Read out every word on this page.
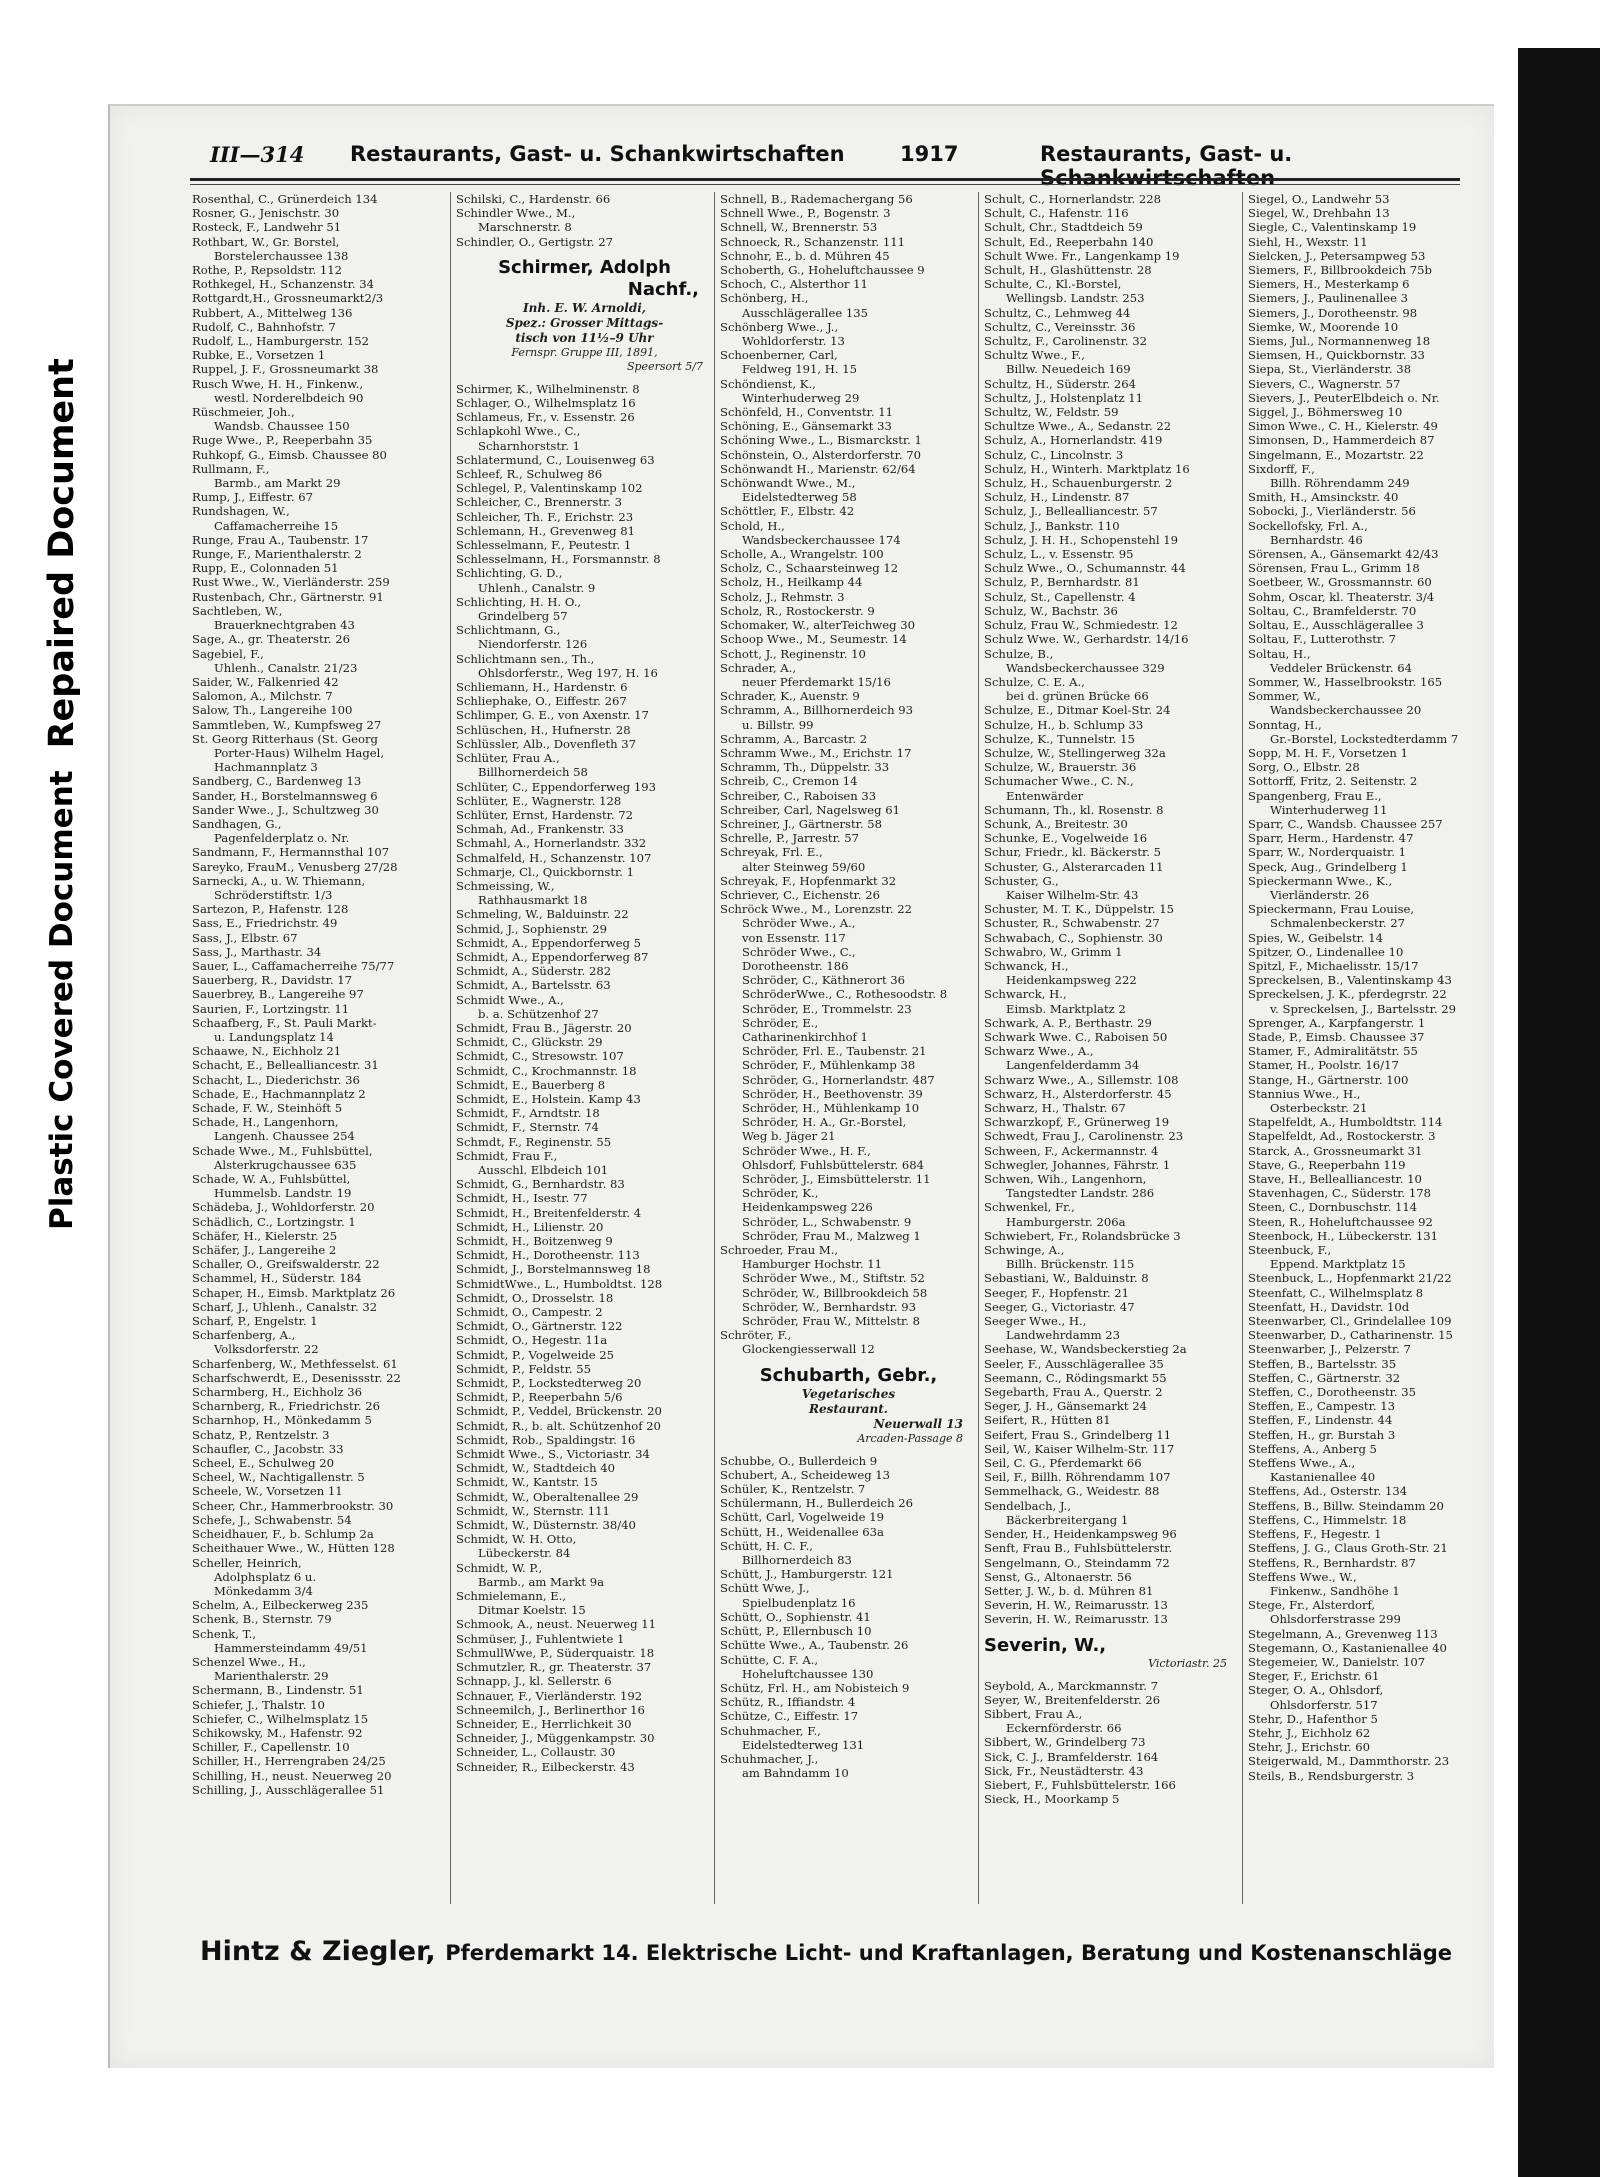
Plastic Covered Document
Repaired Document
III—314 Restaurants, Gast- u. Schankwirtschaften	1917	Restaurants, Gast- u. Schankwirtschaften
Rosenthal, C., Grünerdeich 134
Rosner, G., Jenischstr. 30
Rosteck, F., Landwehr 51
Rothbart, W., Gr. Borstel,
Borstelerchaussee 138
Rothe, P., Repsoldstr. 112
Rothkegel, H., Schanzenstr. 34
Rottgardt,H., Grossneumarkt2/3
Rubbert, A., Mittelweg 136
Rudolf, C., Bahnhofstr. 7
Rudolf, L., Hamburgerstr. 152
Rubke, E., Vorsetzen 1
Ruppel, J. F., Grossneumarkt 38
Rusch Wwe, H. H., Finkenw.,
westl. Norderelbdeich 90
Rüschmeier, Joh.,
Wandsb. Chaussee 150
Ruge Wwe., P., Reeperbahn 35
Ruhkopf, G., Eimsb. Chaussee 80
Rullmann, F.,
Barmb., am Markt 29
Rump, J., Eiffestr. 67
Rundshagen, W.,
Caffamacherreihe 15
Runge, Frau A., Taubenstr. 17
Runge, F., Marienthalerstr. 2
Rupp, E., Colonnaden 51
Rust Wwe., W., Vierländerstr. 259
Rustenbach, Chr., Gärtnerstr. 91
Sachtleben, W.,
Brauerknechtgraben 43
Sage, A., gr. Theaterstr. 26
Sagebiel, F.,
Uhlenh., Canalstr. 21/23
Saider, W., Falkenried 42
Salomon, A., Milchstr. 7
Salow, Th., Langereihe 100
Sammtleben, W., Kumpfsweg 27
St. Georg Ritterhaus (St. Georg
Porter-Haus) Wilhelm Hagel,
Hachmannplatz 3
Sandberg, C., Bardenweg 13
Sander, H., Borstelmannsweg 6
Sander Wwe., J., Schultzweg 30
Sandhagen, G.,
Pagenfelderplatz o. Nr.
Sandmann, F., Hermannsthal 107
Sareyko, FrauM., Venusberg 27/28
Sarnecki, A., u. W. Thiemann,
Schröderstiftstr. 1/3
Sartezon, P., Hafenstr. 128
Sass, E., Friedrichstr. 49
Sass, J., Elbstr. 67
Sass, J., Marthastr. 34
Sauer, L., Caffamacherreihe 75/77
Sauerberg, R., Davidstr. 17
Sauerbrey, B., Langereihe 97
Saurien, F., Lortzingstr. 11
Schaafberg, F., St. Pauli Markt-
u. Landungsplatz 14
Schaawe, N., Eichholz 21
Schacht, E., Bellealliancestr. 31
Schacht, L., Diederichstr. 36
Schade, E., Hachmannplatz 2
Schade, F. W., Steinhöft 5
Schade, H., Langenhorn,
Langenh. Chaussee 254
Schade Wwe., M., Fuhlsbüttel,
Alsterkrugchaussee 635
Schade, W. A., Fuhlsbüttel,
Hummelsb. Landstr. 19
Schädeba, J., Wohldorferstr. 20
Schädlich, C., Lortzingstr. 1
Schäfer, H., Kielerstr. 25
Schäfer, J., Langereihe 2
Schaller, O., Greifswalderstr. 22
Schammel, H., Süderstr. 184
Schaper, H., Eimsb. Marktplatz 26
Scharf, J., Uhlenh., Canalstr. 32
Scharf, P., Engelstr. 1
Scharfenberg, A.,
Volksdorferstr. 22
Scharfenberg, W., Methfesselst. 61
Scharfschwerdt, E., Desenissstr. 22
Scharmberg, H., Eichholz 36
Scharnberg, R., Friedrichstr. 26
Scharnhop, H., Mönkedamm 5
Schatz, P., Rentzelstr. 3
Schaufler, C., Jacobstr. 33
Scheel, E., Schulweg 20
Scheel, W., Nachtigallenstr. 5
Scheele, W., Vorsetzen 11
Scheer, Chr., Hammerbrookstr. 30
Schefe, J., Schwabenstr. 54
Scheidhauer, F., b. Schlump 2a
Scheithauer Wwe., W., Hütten 128
Scheller, Heinrich,
Adolphsplatz 6 u.
Mönkedamm 3/4
Schelm, A., Eilbeckerweg 235
Schenk, B., Sternstr. 79
Schenk, T.,
Hammersteindamm 49/51
Schenzel Wwe., H.,
Marienthalerstr. 29
Schermann, B., Lindenstr. 51
Schiefer, J., Thalstr. 10
Schiefer, C., Wilhelmsplatz 15
Schikowsky, M., Hafenstr. 92
Schiller, F., Capellenstr. 10
Schiller, H., Herrengraben 24/25
Schilling, H., neust. Neuerweg 20
Schilling, J., Ausschlägerallee 51
Schilski, C., Hardenstr. 66
Schindler Wwe., M.,
Marschnerstr. 8
Schindler, O., Gertigstr. 27
Schirmer, Adolph
Nachf.,
Inh. E. W. Arnoldi,
Spez.: Grosser Mittags-
tisch von 11½–9 Uhr
Fernspr. Gruppe III, 1891,
Speersort 5/7
Schirmer, K., Wilhelminenstr. 8
Schlager, O., Wilhelmsplatz 16
Schlameus, Fr., v. Essenstr. 26
Schlapkohl Wwe., C.,
Scharnhorststr. 1
Schlatermund, C., Louisenweg 63
Schleef, R., Schulweg 86
Schlegel, P., Valentinskamp 102
Schleicher, C., Brennerstr. 3
Schleicher, Th. F., Erichstr. 23
Schlemann, H., Grevenweg 81
Schlesselmann, F., Peutestr. 1
Schlesselmann, H., Forsmannstr. 8
Schlichting, G. D.,
Uhlenh., Canalstr. 9
Schlichting, H. H. O.,
Grindelberg 57
Schlichtmann, G.,
Niendorferstr. 126
Schlichtmann sen., Th.,
Ohlsdorferstr., Weg 197, H. 16
Schliemann, H., Hardenstr. 6
Schliephake, O., Eiffestr. 267
Schlimper, G. E., von Axenstr. 17
Schlüschen, H., Hufnerstr. 28
Schlüssler, Alb., Dovenfleth 37
Schlüter, Frau A.,
Billhornerdeich 58
Schlüter, C., Eppendorferweg 193
Schlüter, E., Wagnerstr. 128
Schlüter, Ernst, Hardenstr. 72
Schmah, Ad., Frankenstr. 33
Schmahl, A., Hornerlandstr. 332
Schmalfeld, H., Schanzenstr. 107
Schmarje, Cl., Quickbornstr. 1
Schmeissing, W.,
Rathhausmarkt 18
Schmeling, W., Balduinstr. 22
Schmid, J., Sophienstr. 29
Schmidt, A., Eppendorferweg 5
Schmidt, A., Eppendorferweg 87
Schmidt, A., Süderstr. 282
Schmidt, A., Bartelsstr. 63
Schmidt Wwe., A.,
b. a. Schützenhof 27
Schmidt, Frau B., Jägerstr. 20
Schmidt, C., Glückstr. 29
Schmidt, C., Stresowstr. 107
Schmidt, C., Krochmannstr. 18
Schmidt, E., Bauerberg 8
Schmidt, E., Holstein. Kamp 43
Schmidt, F., Arndtstr. 18
Schmidt, F., Sternstr. 74
Schmdt, F., Reginenstr. 55
Schmidt, Frau F.,
Ausschl. Elbdeich 101
Schmidt, G., Bernhardstr. 83
Schmidt, H., Isestr. 77
Schmidt, H., Breitenfelderstr. 4
Schmidt, H., Lilienstr. 20
Schmidt, H., Boitzenweg 9
Schmidt, H., Dorotheenstr. 113
Schmidt, J., Borstelmannsweg 18
SchmidtWwe., L., Humboldtst. 128
Schmidt, O., Drosselstr. 18
Schmidt, O., Campestr. 2
Schmidt, O., Gärtnerstr. 122
Schmidt, O., Hegestr. 11a
Schmidt, P., Vogelweide 25
Schmidt, P., Feldstr. 55
Schmidt, P., Lockstedterweg 20
Schmidt, P., Reeperbahn 5/6
Schmidt, P., Veddel, Brückenstr. 20
Schmidt, R., b. alt. Schützenhof 20
Schmidt, Rob., Spaldingstr. 16
Schmidt Wwe., S., Victoriastr. 34
Schmidt, W., Stadtdeich 40
Schmidt, W., Kantstr. 15
Schmidt, W., Oberaltenallee 29
Schmidt, W., Sternstr. 111
Schmidt, W., Düsternstr. 38/40
Schmidt, W. H. Otto,
Lübeckerstr. 84
Schmidt, W. P.,
Barmb., am Markt 9a
Schmielemann, E.,
Ditmar Koelstr. 15
Schmook, A., neust. Neuerweg 11
Schmüser, J., Fuhlentwiete 1
SchmullWwe, P., Süderquaistr. 18
Schmutzler, R., gr. Theaterstr. 37
Schnapp, J., kl. Sellerstr. 6
Schnauer, F., Vierländerstr. 192
Schneemilch, J., Berlinerthor 16
Schneider, E., Herrlichkeit 30
Schneider, J., Müggenkampstr. 30
Schneider, L., Collaustr. 30
Schneider, R., Eilbeckerstr. 43
Schnell, B., Rademachergang 56
Schnell Wwe., P., Bogenstr. 3
Schnell, W., Brennerstr. 53
Schnoeck, R., Schanzenstr. 111
Schnohr, E., b. d. Mühren 45
Schoberth, G., Hoheluftchaussee 9
Schoch, C., Alsterthor 11
Schönberg, H.,
Ausschlägerallee 135
Schönberg Wwe., J.,
Wohldorferstr. 13
Schoenberner, Carl,
Feldweg 191, H. 15
Schöndienst, K.,
Winterhuderweg 29
Schönfeld, H., Conventstr. 11
Schöning, E., Gänsemarkt 33
Schöning Wwe., L., Bismarckstr. 1
Schönstein, O., Alsterdorferstr. 70
Schönwandt H., Marienstr. 62/64
Schönwandt Wwe., M.,
Eidelstedterweg 58
Schöttler, F., Elbstr. 42
Schold, H.,
Wandsbeckerchaussee 174
Scholle, A., Wrangelstr. 100
Scholz, C., Schaarsteinweg 12
Scholz, H., Heilkamp 44
Scholz, J., Rehmstr. 3
Scholz, R., Rostockerstr. 9
Schomaker, W., alterTeichweg 30
Schoop Wwe., M., Seumestr. 14
Schott, J., Reginenstr. 10
Schrader, A.,
neuer Pferdemarkt 15/16
Schrader, K., Auenstr. 9
Schramm, A., Billhornerdeich 93
u. Billstr. 99
Schramm, A., Barcastr. 2
Schramm Wwe., M., Erichstr. 17
Schramm, Th., Düppelstr. 33
Schreib, C., Cremon 14
Schreiber, C., Raboisen 33
Schreiber, Carl, Nagelsweg 61
Schreiner, J., Gärtnerstr. 58
Schrelle, P., Jarrestr. 57
Schreyak, Frl. E.,
alter Steinweg 59/60
Schreyak, F., Hopfenmarkt 32
Schriever, C., Eichenstr. 26
Schröck Wwe., M., Lorenzstr. 22
Schröder Wwe., A.,
von Essenstr. 117
Schröder Wwe., C.,
Dorotheenstr. 186
Schröder, C., Käthnerort 36
SchröderWwe., C., Rothesoodstr. 8
Schröder, E., Trommelstr. 23
Schröder, E.,
Catharinenkirchhof 1
Schröder, Frl. E., Taubenstr. 21
Schröder, F., Mühlenkamp 38
Schröder, G., Hornerlandstr. 487
Schröder, H., Beethovenstr. 39
Schröder, H., Mühlenkamp 10
Schröder, H. A., Gr.-Borstel,
Weg b. Jäger 21
Schröder Wwe., H. F.,
Ohlsdorf, Fuhlsbüttelerstr. 684
Schröder, J., Eimsbüttelerstr. 11
Schröder, K.,
Heidenkampsweg 226
Schröder, L., Schwabenstr. 9
Schröder, Frau M., Malzweg 1
Schroeder, Frau M.,
Hamburger Hochstr. 11
Schröder Wwe., M., Stiftstr. 52
Schröder, W., Billbrookdeich 58
Schröder, W., Bernhardstr. 93
Schröder, Frau W., Mittelstr. 8
Schröter, F.,
Glockengiesserwall 12
Schubarth, Gebr.,
Vegetarisches
Restaurant.
Neuerwall 13
Arcaden-Passage 8
Schubbe, O., Bullerdeich 9
Schubert, A., Scheideweg 13
Schüler, K., Rentzelstr. 7
Schülermann, H., Bullerdeich 26
Schütt, Carl, Vogelweide 19
Schütt, H., Weidenallee 63a
Schütt, H. C. F.,
Billhornerdeich 83
Schütt, J., Hamburgerstr. 121
Schütt Wwe, J.,
Spielbudenplatz 16
Schütt, O., Sophienstr. 41
Schütt, P., Ellernbusch 10
Schütte Wwe., A., Taubenstr. 26
Schütte, C. F. A.,
Hoheluftchaussee 130
Schütz, Frl. H., am Nobisteich 9
Schütz, R., Iffiandstr. 4
Schütze, C., Eiffestr. 17
Schuhmacher, F.,
Eidelstedterweg 131
Schuhmacher, J.,
am Bahndamm 10
Schult, C., Hornerlandstr. 228
Schult, C., Hafenstr. 116
Schult, Chr., Stadtdeich 59
Schult, Ed., Reeperbahn 140
Schult Wwe. Fr., Langenkamp 19
Schult, H., Glashüttenstr. 28
Schulte, C., Kl.-Borstel,
Wellingsb. Landstr. 253
Schultz, C., Lehmweg 44
Schultz, C., Vereinsstr. 36
Schultz, F., Carolinenstr. 32
Schultz Wwe., F.,
Billw. Neuedeich 169
Schultz, H., Süderstr. 264
Schultz, J., Holstenplatz 11
Schultz, W., Feldstr. 59
Schultze Wwe., A., Sedanstr. 22
Schulz, A., Hornerlandstr. 419
Schulz, C., Lincolnstr. 3
Schulz, H., Winterh. Marktplatz 16
Schulz, H., Schauenburgerstr. 2
Schulz, H., Lindenstr. 87
Schulz, J., Bellealliancestr. 57
Schulz, J., Bankstr. 110
Schulz, J. H. H., Schopenstehl 19
Schulz, L., v. Essenstr. 95
Schulz Wwe., O., Schumannstr. 44
Schulz, P., Bernhardstr. 81
Schulz, St., Capellenstr. 4
Schulz, W., Bachstr. 36
Schulz, Frau W., Schmiedestr. 12
Schulz Wwe. W., Gerhardstr. 14/16
Schulze, B.,
Wandsbeckerchaussee 329
Schulze, C. E. A.,
bei d. grünen Brücke 66
Schulze, E., Ditmar Koel-Str. 24
Schulze, H., b. Schlump 33
Schulze, K., Tunnelstr. 15
Schulze, W., Stellingerweg 32a
Schulze, W., Brauerstr. 36
Schumacher Wwe., C. N.,
Entenwärder
Schumann, Th., kl. Rosenstr. 8
Schunk, A., Breitestr. 30
Schunke, E., Vogelweide 16
Schur, Friedr., kl. Bäckerstr. 5
Schuster, G., Alsterarcaden 11
Schuster, G.,
Kaiser Wilhelm-Str. 43
Schuster, M. T. K., Düppelstr. 15
Schuster, R., Schwabenstr. 27
Schwabach, C., Sophienstr. 30
Schwabro, W., Grimm 1
Schwanck, H.,
Heidenkampsweg 222
Schwarck, H.,
Eimsb. Marktplatz 2
Schwark, A. P., Berthastr. 29
Schwark Wwe. C., Raboisen 50
Schwarz Wwe., A.,
Langenfelderdamm 34
Schwarz Wwe., A., Sillemstr. 108
Schwarz, H., Alsterdorferstr. 45
Schwarz, H., Thalstr. 67
Schwarzkopf, F., Grünerweg 19
Schwedt, Frau J., Carolinenstr. 23
Schween, F., Ackermannstr. 4
Schwegler, Johannes, Fährstr. 1
Schwen, Wih., Langenhorn,
Tangstedter Landstr. 286
Schwenkel, Fr.,
Hamburgerstr. 206a
Schwiebert, Fr., Rolandsbrücke 3
Schwinge, A.,
Billh. Brückenstr. 115
Sebastiani, W., Balduinstr. 8
Seeger, F., Hopfenstr. 21
Seeger, G., Victoriastr. 47
Seeger Wwe., H.,
Landwehrdamm 23
Seehase, W., Wandsbeckerstieg 2a
Seeler, F., Ausschlägerallee 35
Seemann, C., Rödingsmarkt 55
Segebarth, Frau A., Querstr. 2
Seger, J. H., Gänsemarkt 24
Seifert, R., Hütten 81
Seifert, Frau S., Grindelberg 11
Seil, W., Kaiser Wilhelm-Str. 117
Seil, C. G., Pferdemarkt 66
Seil, F., Billh. Röhrendamm 107
Semmelhack, G., Weidestr. 88
Sendelbach, J.,
Bäckerbreitergang 1
Sender, H., Heidenkampsweg 96
Senft, Frau B., Fuhlsbüttelerstr.
Sengelmann, O., Steindamm 72
Senst, G., Altonaerstr. 56
Setter, J. W., b. d. Mühren 81
Severin, H. W., Reimarusstr. 13
Severin, H. W., Reimarusstr. 13
Severin, W.,
Victoriastr. 25
Seybold, A., Marckmannstr. 7
Seyer, W., Breitenfelderstr. 26
Sibbert, Frau A.,
Eckernförderstr. 66
Sibbert, W., Grindelberg 73
Sick, C. J., Bramfelderstr. 164
Sick, Fr., Neustädterstr. 43
Siebert, F., Fuhlsbüttelerstr. 166
Sieck, H., Moorkamp 5
Siegel, O., Landwehr 53
Siegel, W., Drehbahn 13
Siegle, C., Valentinskamp 19
Siehl, H., Wexstr. 11
Sielcken, J., Petersampweg 53
Siemers, F., Billbrookdeich 75b
Siemers, H., Mesterkamp 6
Siemers, J., Paulinenallee 3
Siemers, J., Dorotheenstr. 98
Siemke, W., Moorende 10
Siems, Jul., Normannenweg 18
Siemsen, H., Quickbornstr. 33
Siepa, St., Vierländerstr. 38
Sievers, C., Wagnerstr. 57
Sievers, J., PeuterElbdeich o. Nr.
Siggel, J., Böhmersweg 10
Simon Wwe., C. H., Kielerstr. 49
Simonsen, D., Hammerdeich 87
Singelmann, E., Mozartstr. 22
Sixdorff, F.,
Billh. Röhrendamm 249
Smith, H., Amsinckstr. 40
Sobocki, J., Vierländerstr. 56
Sockellofsky, Frl. A.,
Bernhardstr. 46
Sörensen, A., Gänsemarkt 42/43
Sörensen, Frau L., Grimm 18
Soetbeer, W., Grossmannstr. 60
Sohm, Oscar, kl. Theaterstr. 3/4
Soltau, C., Bramfelderstr. 70
Soltau, E., Ausschlägerallee 3
Soltau, F., Lutterothstr. 7
Soltau, H.,
Veddeler Brückenstr. 64
Sommer, W., Hasselbrookstr. 165
Sommer, W.,
Wandsbeckerchaussee 20
Sonntag, H.,
Gr.-Borstel, Lockstedterdamm 7
Sopp, M. H. F., Vorsetzen 1
Sorg, O., Elbstr. 28
Sottorff, Fritz, 2. Seitenstr. 2
Spangenberg, Frau E.,
Winterhuderweg 11
Sparr, C., Wandsb. Chaussee 257
Sparr, Herm., Hardenstr. 47
Sparr, W., Norderquaistr. 1
Speck, Aug., Grindelberg 1
Spieckermann Wwe., K.,
Vierländerstr. 26
Spieckermann, Frau Louise,
Schmalenbeckerstr. 27
Spies, W., Geibelstr. 14
Spitzer, O., Lindenallee 10
Spitzl, F., Michaelisstr. 15/17
Spreckelsen, B., Valentinskamp 43
Spreckelsen, J. K., pferdegrstr. 22
v. Spreckelsen, J., Bartelsstr. 29
Sprenger, A., Karpfangerstr. 1
Stade, P., Eimsb. Chaussee 37
Stamer, F., Admiralitätstr. 55
Stamer, H., Poolstr. 16/17
Stange, H., Gärtnerstr. 100
Stannius Wwe., H.,
Osterbeckstr. 21
Stapelfeldt, A., Humboldtstr. 114
Stapelfeldt, Ad., Rostockerstr. 3
Starck, A., Grossneumarkt 31
Stave, G., Reeperbahn 119
Stave, H., Bellealliancestr. 10
Stavenhagen, C., Süderstr. 178
Steen, C., Dornbuschstr. 114
Steen, R., Hoheluftchaussee 92
Steenbock, H., Lübeckerstr. 131
Steenbuck, F.,
Eppend. Marktplatz 15
Steenbuck, L., Hopfenmarkt 21/22
Steenfatt, C., Wilhelmsplatz 8
Steenfatt, H., Davidstr. 10d
Steenwarber, Cl., Grindelallee 109
Steenwarber, D., Catharinenstr. 15
Steenwarber, J., Pelzerstr. 7
Steffen, B., Bartelsstr. 35
Steffen, C., Gärtnerstr. 32
Steffen, C., Dorotheenstr. 35
Steffen, E., Campestr. 13
Steffen, F., Lindenstr. 44
Steffen, H., gr. Burstah 3
Steffens, A., Anberg 5
Steffens Wwe., A.,
Kastanienallee 40
Steffens, Ad., Osterstr. 134
Steffens, B., Billw. Steindamm 20
Steffens, C., Himmelstr. 18
Steffens, F., Hegestr. 1
Steffens, J. G., Claus Groth-Str. 21
Steffens, R., Bernhardstr. 87
Steffens Wwe., W.,
Finkenw., Sandhöhe 1
Stege, Fr., Alsterdorf,
Ohlsdorferstrasse 299
Stegelmann, A., Grevenweg 113
Stegemann, O., Kastanienallee 40
Stegemeier, W., Danielstr. 107
Steger, F., Erichstr. 61
Steger, O. A., Ohlsdorf,
Ohlsdorferstr. 517
Stehr, D., Hafenthor 5
Stehr, J., Eichholz 62
Stehr, J., Erichstr. 60
Steigerwald, M., Dammthorstr. 23
Steils, B., Rendsburgerstr. 3
Hintz & Ziegler, Pferdemarkt 14. Elektrische Licht- und Kraftanlagen, Beratung und Kostenanschläge
